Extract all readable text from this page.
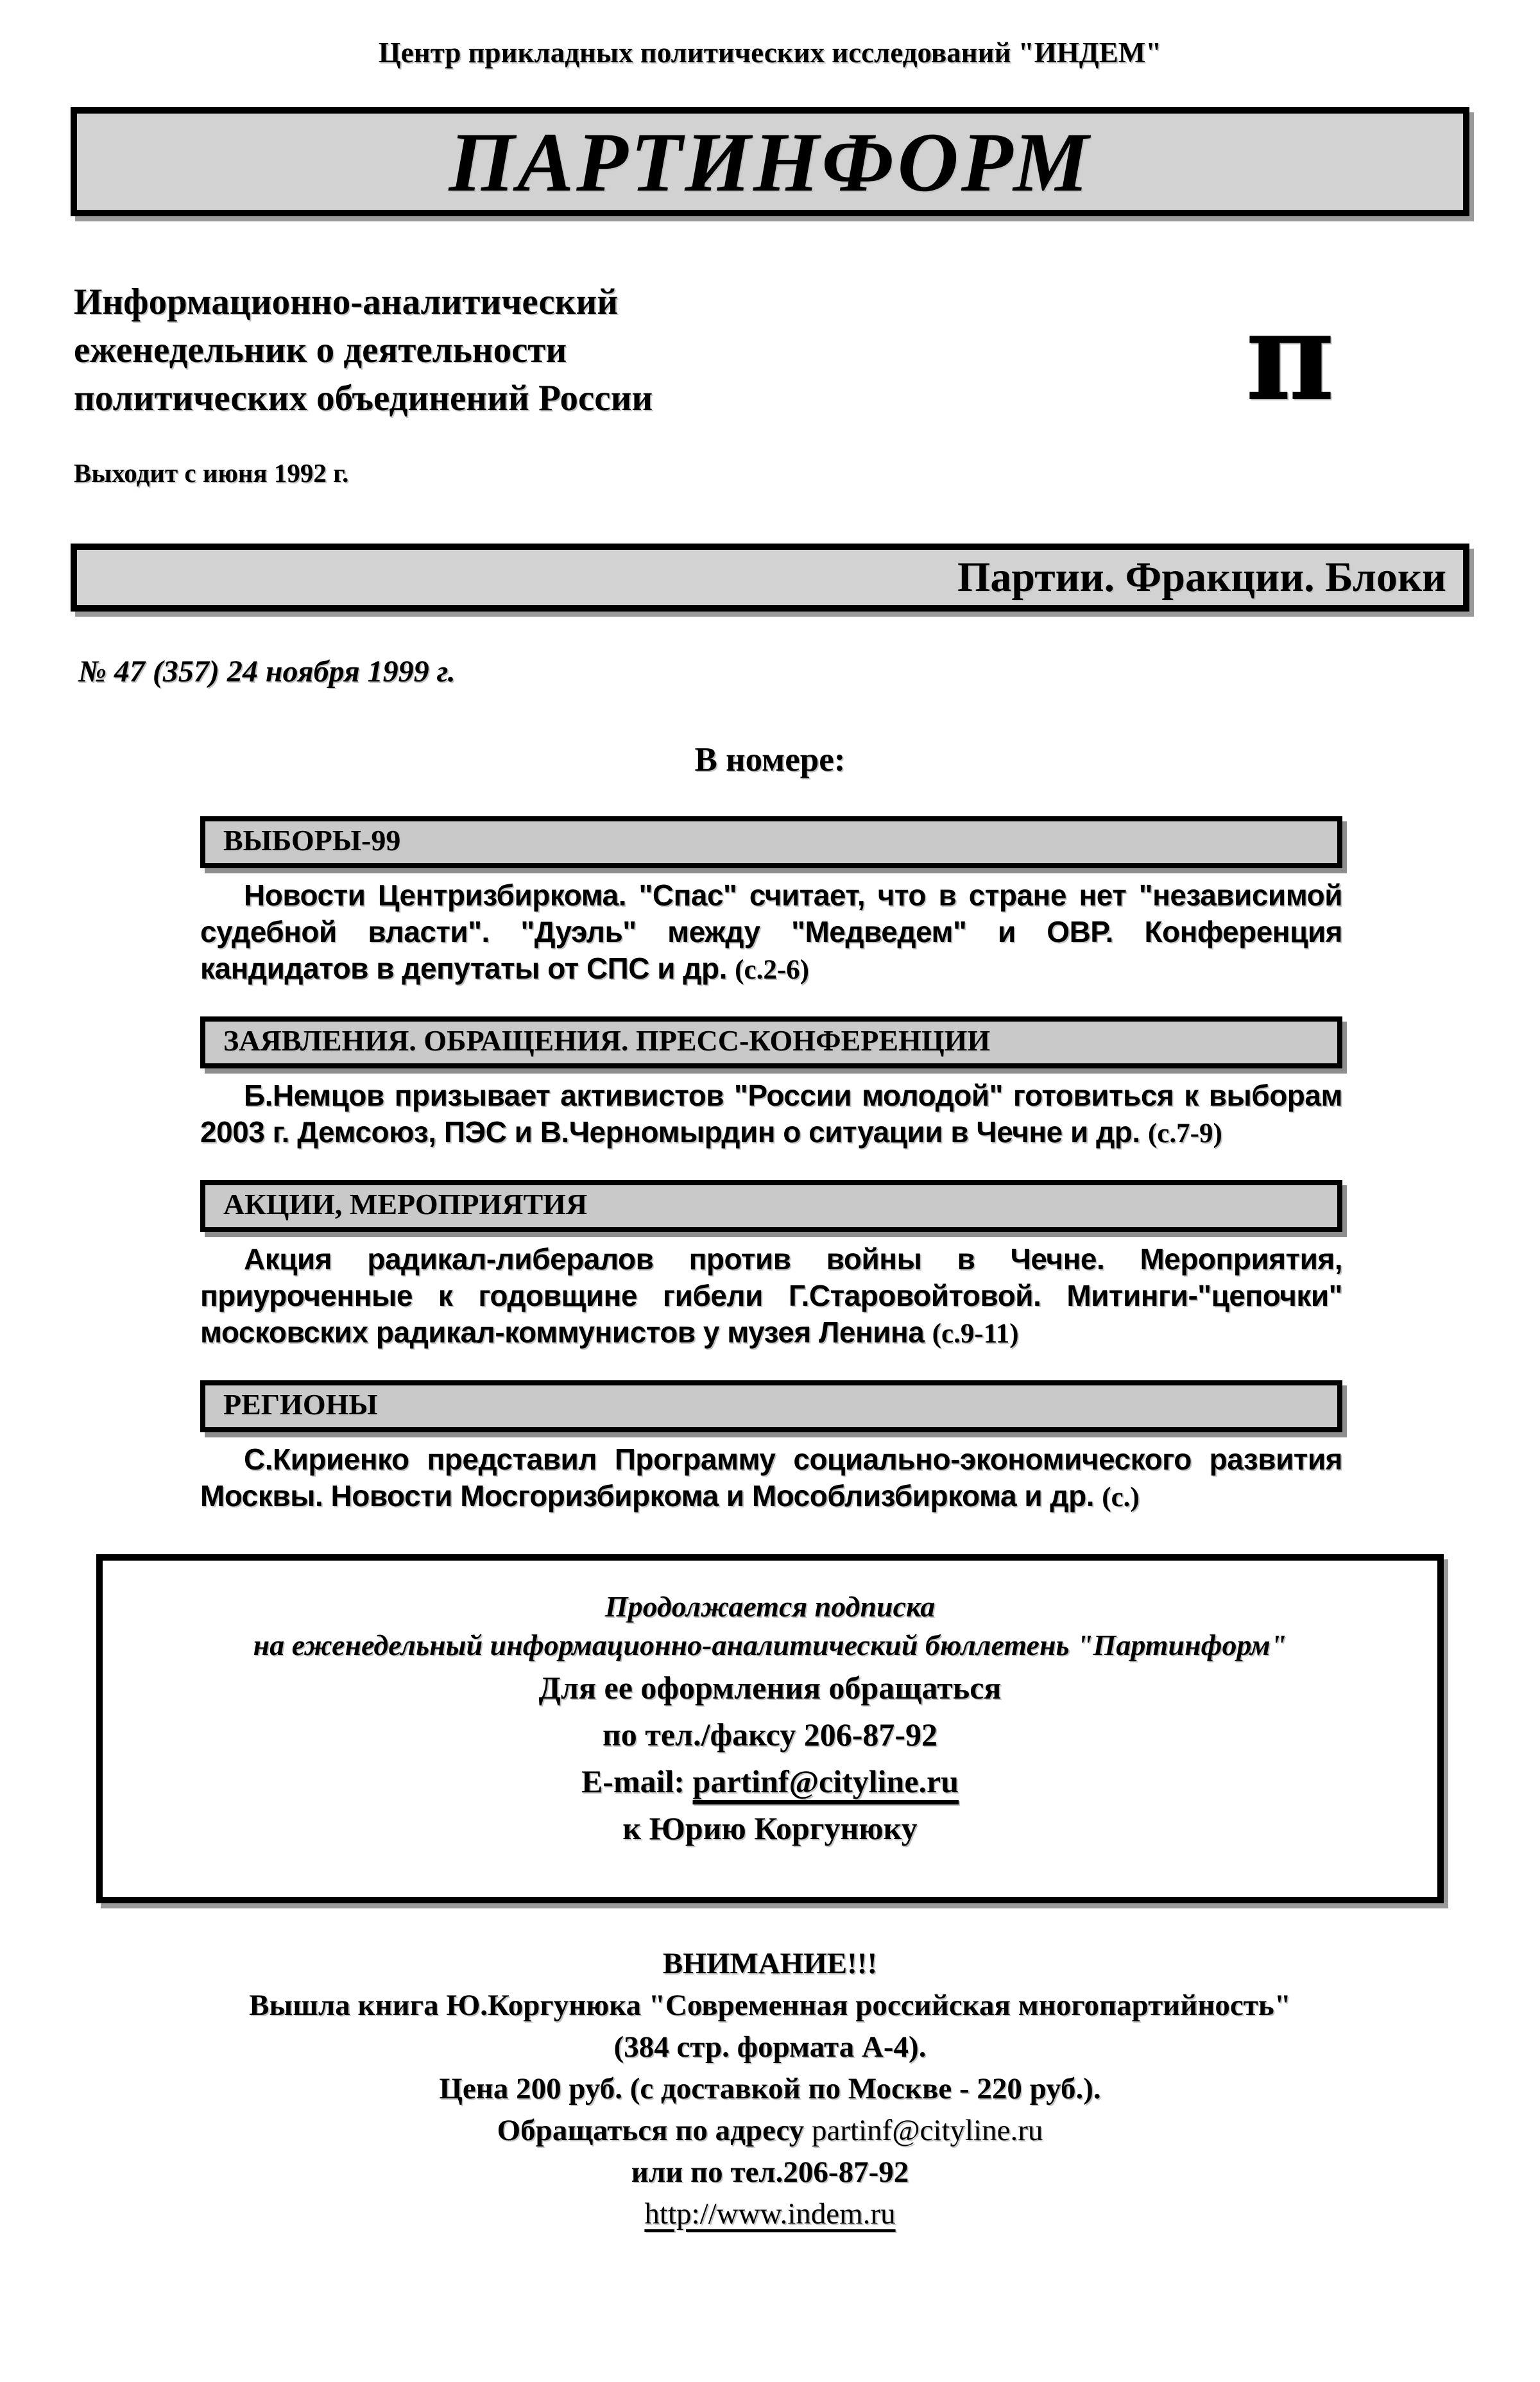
Центр прикладных политических исследований "ИНДЕМ"
ПАРТИНФОРМ
Информационно-аналитический
еженедельник о деятельности
политических объединений России	π
Выходит с июня 1992 г.
Партии. Фракции. Блоки
№ 47 (357) 24 ноября 1999 г.
В номере:
ВЫБОРЫ-99

Новости Центризбиркома. "Спас" считает, что в стране нет "независимой судебной власти". "Дуэль" между "Медведем" и ОВР. Конференция кандидатов в депутаты от СПС и др. (с.2-6)

ЗАЯВЛЕНИЯ. ОБРАЩЕНИЯ. ПРЕСС-КОНФЕРЕНЦИИ

Б.Немцов призывает активистов "России молодой" готовиться к выборам 2003 г. Демсоюз, ПЭС и В.Черномырдин о ситуации в Чечне и др. (с.7-9)

АКЦИИ, МЕРОПРИЯТИЯ

Акция радикал-либералов против войны в Чечне. Мероприятия, приуроченные к годовщине гибели Г.Старовойтовой. Митинги-"цепочки" московских радикал-коммунистов у музея Ленина (с.9-11)

РЕГИОНЫ

С.Кириенко представил Программу социально-экономического развития Москвы. Новости Мосгоризбиркома и Мособлизбиркома и др. (с.)

Продолжается подписка
на еженедельный информационно-аналитический бюллетень "Партинформ"
Для ее оформления обращаться
по тел./факсу 206-87-92
E-mail: partinf@cityline.ru
к Юрию Коргунюку
ВНИМАНИЕ!!!
Вышла книга Ю.Коргунюка "Современная российская многопартийность"
(384 стр. формата А-4).
Цена 200 руб. (с доставкой по Москве - 220 руб.).
Обращаться по адресу partinf@cityline.ru
или по тел.206-87-92
http://www.indem.ru
